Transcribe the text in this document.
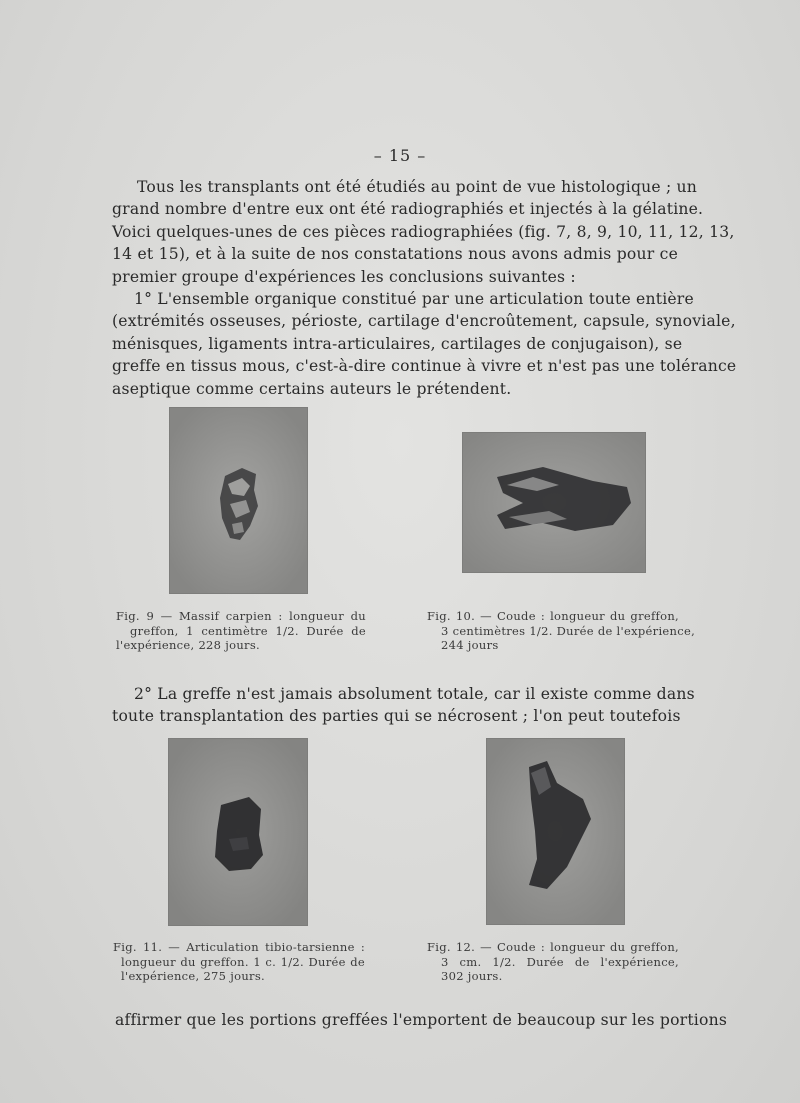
– 15 –
Tous les transplants ont été étudiés au point de vue histologique ; un
grand nombre d'entre eux ont été radiographiés et injectés à la gélatine.
Voici quelques-unes de ces pièces radiographiées (fig. 7, 8, 9, 10, 11, 12, 13,
14 et 15), et à la suite de nos constatations nous avons admis pour ce
premier groupe d'expériences les conclusions suivantes :
1° L'ensemble organique constitué par une articulation toute entière
(extrémités osseuses, périoste, cartilage d'encroûtement, capsule, synoviale,
ménisques, ligaments intra-articulaires, cartilages de conjugaison), se
greffe en tissus mous, c'est-à-dire continue à vivre et n'est pas une tolérance
aseptique comme certains auteurs le prétendent.
Fig. 9 — Massif carpien : longueur du
greffon, 1 centimètre 1/2. Durée de
l'expérience, 228 jours.
Fig. 10. — Coude : longueur du greffon,
3 centimètres 1/2. Durée de l'expérience,
244 jours
2° La greffe n'est jamais absolument totale, car il existe comme dans
toute transplantation des parties qui se nécrosent ; l'on peut toutefois
Fig. 11. — Articulation tibio-tarsienne :
longueur du greffon. 1 c. 1/2. Durée de
l'expérience, 275 jours.
Fig. 12. — Coude : longueur du greffon,
3 cm. 1/2. Durée de l'expérience,
302 jours.
affirmer que les portions greffées l'emportent de beaucoup sur les portions
